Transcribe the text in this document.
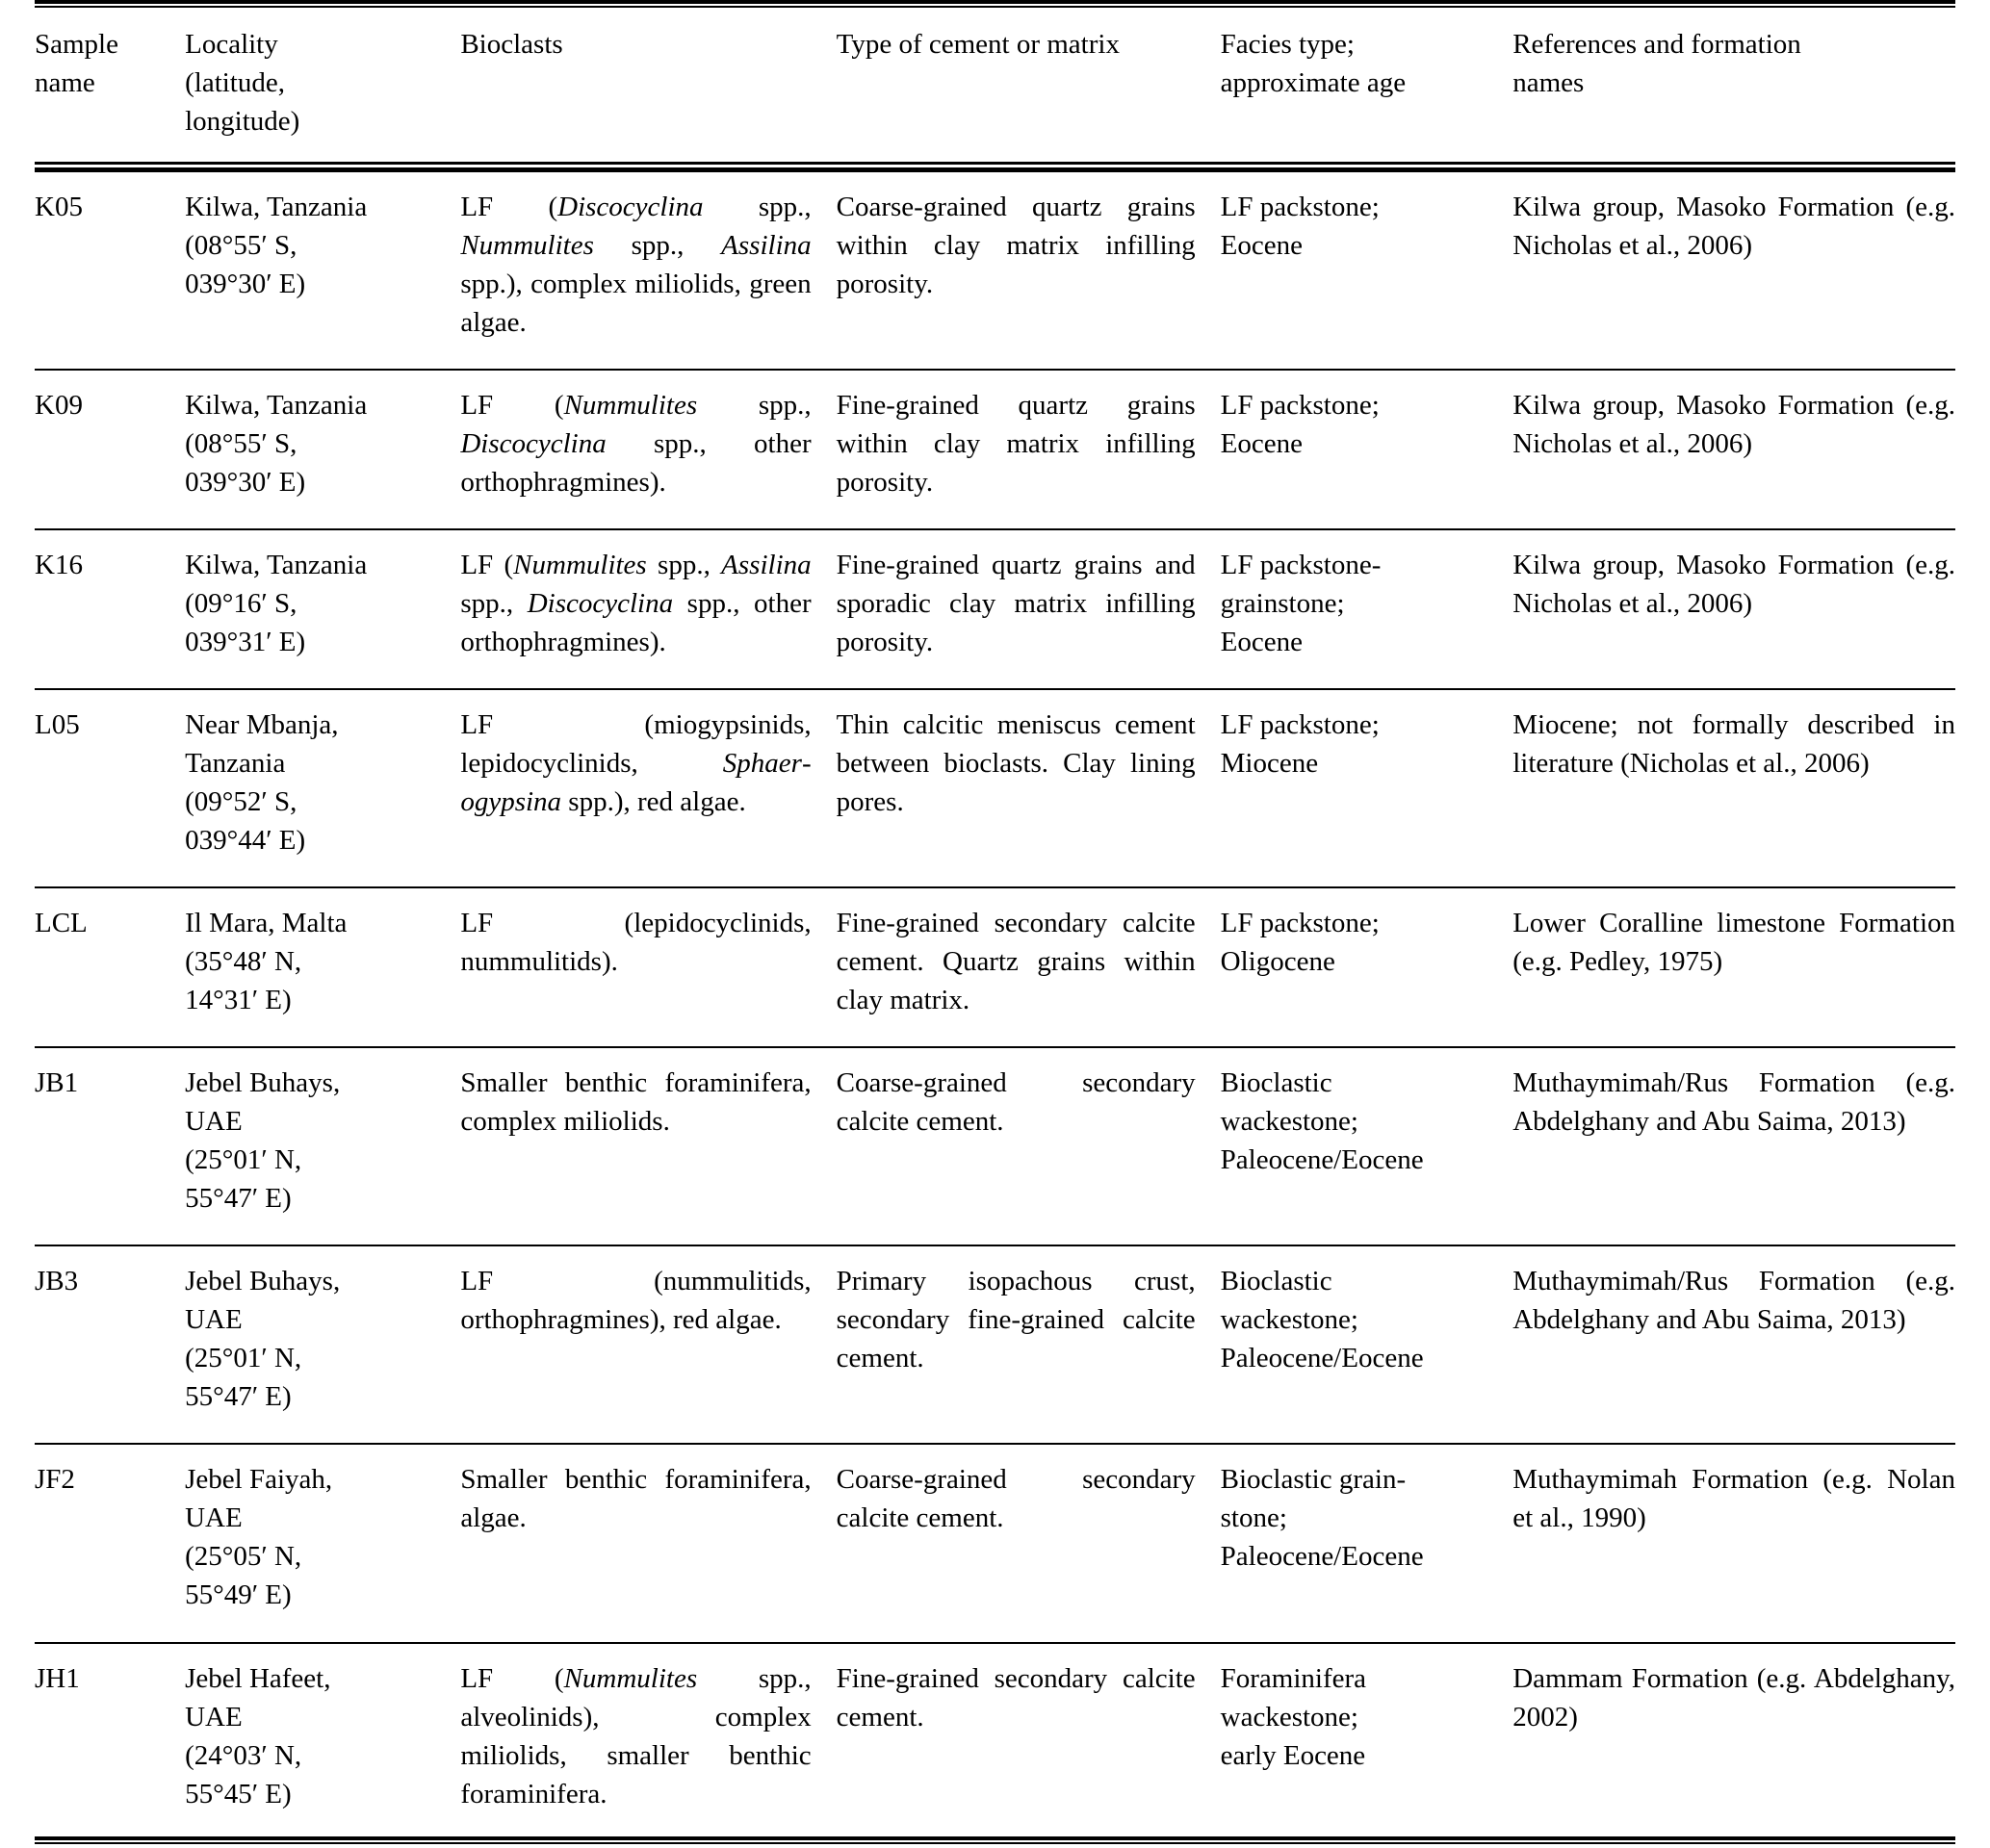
Sample
name	Locality
(latitude,
longitude)	Bioclasts	Type of cement or matrix	Facies type;
approximate age	References and formation
names

K05	Kilwa, Tanzania
(08°55′ S,
039°30′ E)	LF (Discocyclina spp., Nummulites spp., Assilina spp.), complex miliolids, green algae.	Coarse-grained quartz grains within clay matrix infilling porosity.	LF packstone;
Eocene	Kilwa group, Masoko Formation (e.g. Nicholas et al., 2006)
K09	Kilwa, Tanzania
(08°55′ S,
039°30′ E)	LF (Nummulites spp., Discocyclina spp., other orthophragmines).	Fine-grained quartz grains within clay matrix infilling porosity.	LF packstone;
Eocene	Kilwa group, Masoko Formation (e.g. Nicholas et al., 2006)
K16	Kilwa, Tanzania
(09°16′ S,
039°31′ E)	LF (Nummulites spp., Assilina spp., Discocyclina spp., other orthophragmines).	Fine-grained quartz grains and sporadic clay matrix infilling porosity.	LF packstone-
grainstone;
Eocene	Kilwa group, Masoko Formation (e.g. Nicholas et al., 2006)
L05	Near Mbanja,
Tanzania
(09°52′ S,
039°44′ E)	LF (miogypsinids, lepidocyclinids, Sphaerogypsina spp.), red algae.	Thin calcitic meniscus cement between bioclasts. Clay lining pores.	LF packstone;
Miocene	Miocene; not formally described in literature (Nicholas et al., 2006)
LCL	Il Mara, Malta
(35°48′ N,
14°31′ E)	LF (lepidocyclinids, nummulitids).	Fine-grained secondary calcite cement. Quartz grains within clay matrix.	LF packstone;
Oligocene	Lower Coralline limestone Formation (e.g. Pedley, 1975)
JB1	Jebel Buhays,
UAE
(25°01′ N,
55°47′ E)	Smaller benthic foraminifera, complex miliolids.	Coarse-grained secondary calcite cement.	Bioclastic
wackestone;
Paleocene/Eocene	Muthaymimah/Rus Formation (e.g. Abdelghany and Abu Saima, 2013)
JB3	Jebel Buhays,
UAE
(25°01′ N,
55°47′ E)	LF (nummulitids, orthophragmines), red algae.	Primary isopachous crust, secondary fine-grained calcite cement.	Bioclastic
wackestone;
Paleocene/Eocene	Muthaymimah/Rus Formation (e.g. Abdelghany and Abu Saima, 2013)
JF2	Jebel Faiyah,
UAE
(25°05′ N,
55°49′ E)	Smaller benthic foraminifera, algae.	Coarse-grained secondary calcite cement.	Bioclastic grain-
stone;
Paleocene/Eocene	Muthaymimah Formation (e.g. Nolan et al., 1990)
JH1	Jebel Hafeet,
UAE
(24°03′ N,
55°45′ E)	LF (Nummulites spp., alveolinids), complex miliolids, smaller benthic foraminifera.	Fine-grained secondary calcite cement.	Foraminifera
wackestone;
early Eocene	Dammam Formation (e.g. Abdelghany, 2002)
